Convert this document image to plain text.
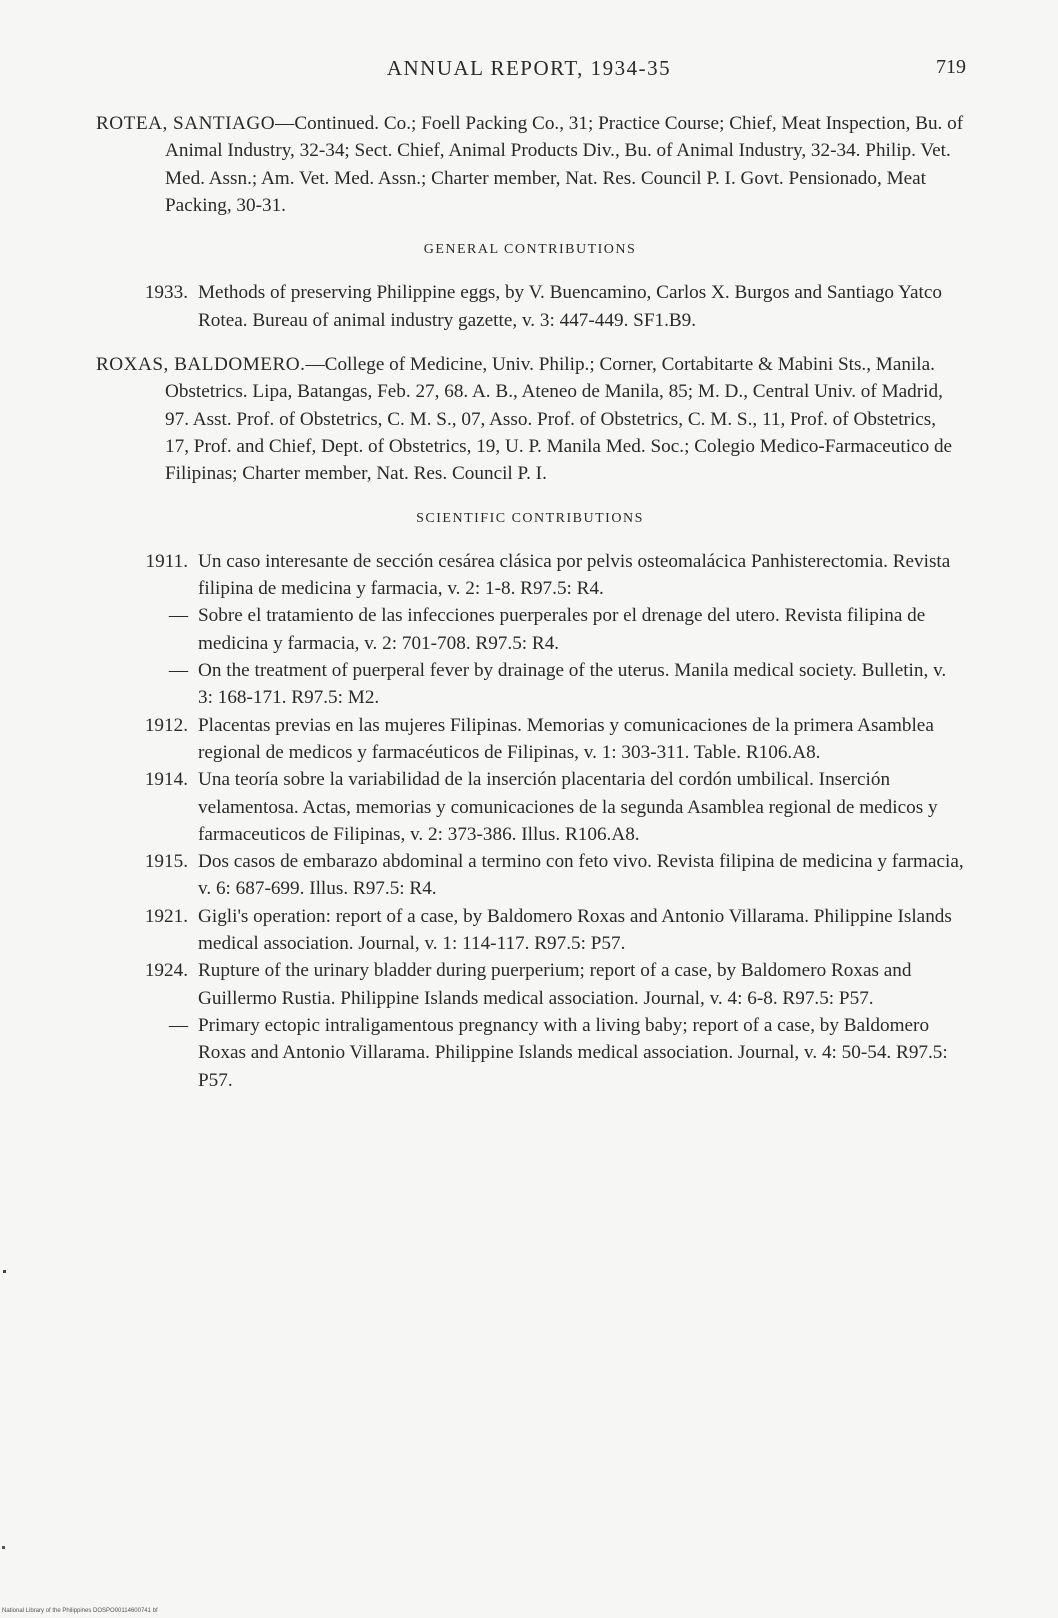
ANNUAL REPORT, 1934-35	719

ROTEA, SANTIAGO—Continued. Co.; Foell Packing Co., 31; Practice Course; Chief, Meat Inspection, Bu. of Animal Industry, 32-34; Sect. Chief, Animal Products Div., Bu. of Animal Industry, 32-34. Philip. Vet. Med. Assn.; Am. Vet. Med. Assn.; Charter member, Nat. Res. Council P. I. Govt. Pensionado, Meat Packing, 30-31.

GENERAL CONTRIBUTIONS
1933. Methods of preserving Philippine eggs, by V. Buencamino, Carlos X. Burgos and Santiago Yatco Rotea. Bureau of animal industry gazette, v. 3: 447-449. SF1.B9.

ROXAS, BALDOMERO.—College of Medicine, Univ. Philip.; Corner, Cortabitarte & Mabini Sts., Manila. Obstetrics. Lipa, Batangas, Feb. 27, 68. A. B., Ateneo de Manila, 85; M. D., Central Univ. of Madrid, 97. Asst. Prof. of Obstetrics, C. M. S., 07, Asso. Prof. of Obstetrics, C. M. S., 11, Prof. of Obstetrics, 17, Prof. and Chief, Dept. of Obstetrics, 19, U. P. Manila Med. Soc.; Colegio Medico-Farmaceutico de Filipinas; Charter member, Nat. Res. Council P. I.

SCIENTIFIC CONTRIBUTIONS
1911. Un caso interesante de sección cesárea clásica por pelvis osteomalácica Panhisterectomia. Revista filipina de medicina y farmacia, v. 2: 1-8. R97.5: R4.
— Sobre el tratamiento de las infecciones puerperales por el drenage del utero. Revista filipina de medicina y farmacia, v. 2: 701-708. R97.5: R4.
— On the treatment of puerperal fever by drainage of the uterus. Manila medical society. Bulletin, v. 3: 168-171. R97.5: M2.
1912. Placentas previas en las mujeres Filipinas. Memorias y comunicaciones de la primera Asamblea regional de medicos y farmacéuticos de Filipinas, v. 1: 303-311. Table. R106.A8.
1914. Una teoría sobre la variabilidad de la inserción placentaria del cordón umbilical. Inserción velamentosa. Actas, memorias y comunicaciones de la segunda Asamblea regional de medicos y farmaceuticos de Filipinas, v. 2: 373-386. Illus. R106.A8.
1915. Dos casos de embarazo abdominal a termino con feto vivo. Revista filipina de medicina y farmacia, v. 6: 687-699. Illus. R97.5: R4.
1921. Gigli's operation: report of a case, by Baldomero Roxas and Antonio Villarama. Philippine Islands medical association. Journal, v. 1: 114-117. R97.5: P57.
1924. Rupture of the urinary bladder during puerperium; report of a case, by Baldomero Roxas and Guillermo Rustia. Philippine Islands medical association. Journal, v. 4: 6-8. R97.5: P57.
— Primary ectopic intraligamentous pregnancy with a living baby; report of a case, by Baldomero Roxas and Antonio Villarama. Philippine Islands medical association. Journal, v. 4: 50-54. R97.5: P57.
National Library of the Philippines DOSPO00114600741 bf
